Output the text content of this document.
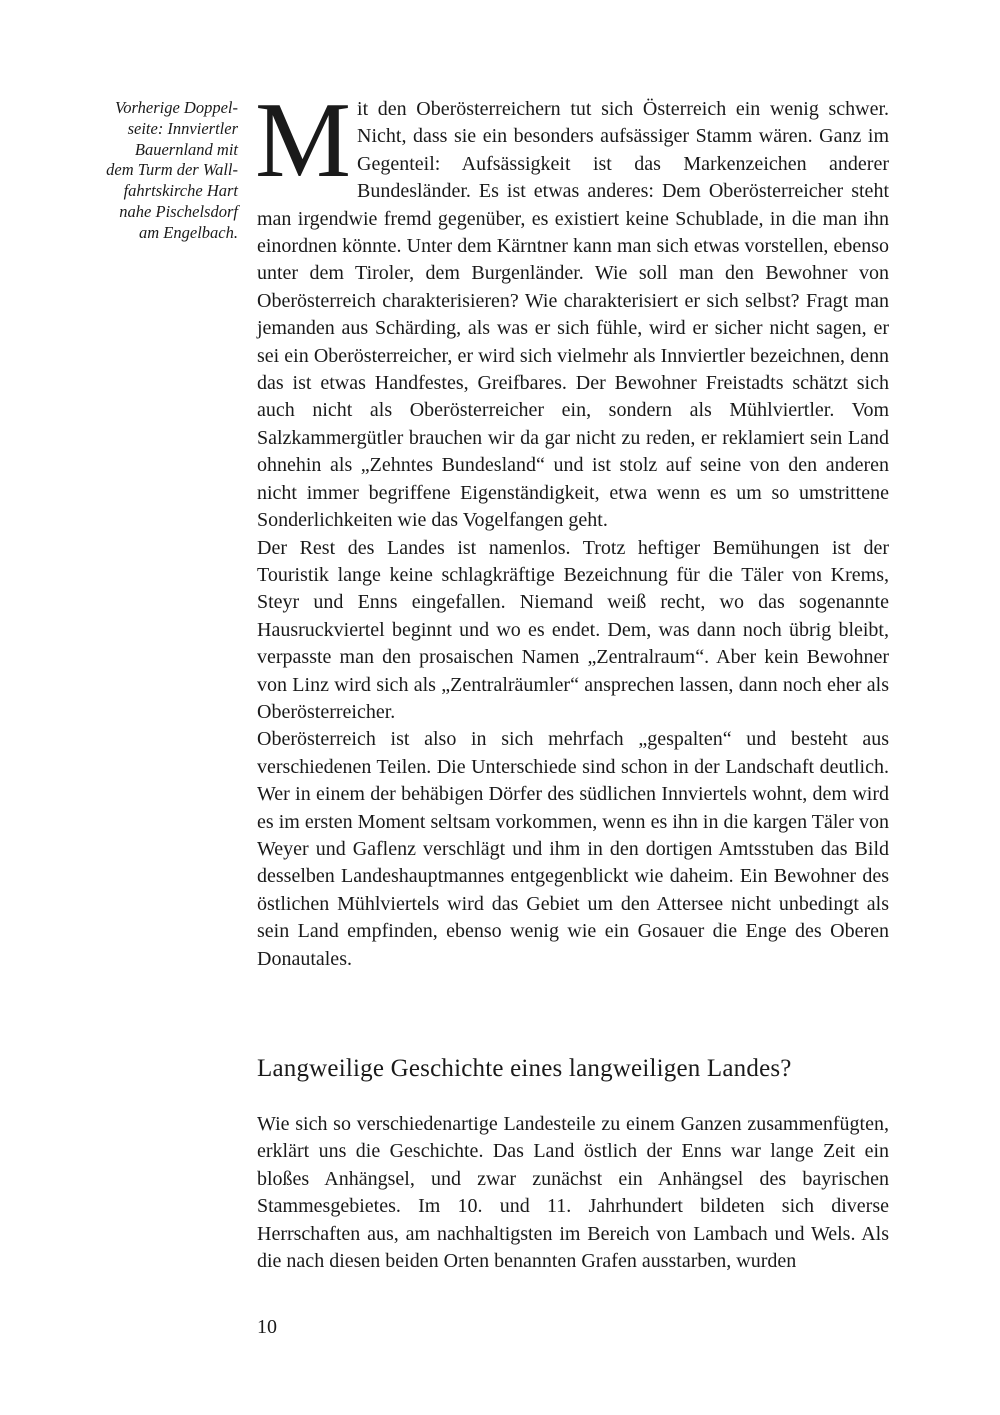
Vorherige Doppel-
seite: Innviertler
Bauernland mit
dem Turm der Wall-
fahrtskirche Hart
nahe Pischelsdorf
am Engelbach.

Mit den Oberösterreichern tut sich Österreich ein wenig schwer. Nicht, dass sie ein besonders aufsässiger Stamm wären. Ganz im Gegenteil: Aufsässigkeit ist das Markenzeichen anderer Bundesländer. Es ist etwas anderes: Dem Oberösterreicher steht man irgendwie fremd gegenüber, es existiert keine Schublade, in die man ihn einordnen könnte. Unter dem Kärntner kann man sich etwas vorstellen, ebenso unter dem Tiroler, dem Burgenländer. Wie soll man den Bewohner von Oberösterreich charakterisieren? Wie charakterisiert er sich selbst? Fragt man jemanden aus Schärding, als was er sich fühle, wird er sicher nicht sagen, er sei ein Oberösterreicher, er wird sich vielmehr als Innviertler bezeichnen, denn das ist etwas Handfestes, Greifbares. Der Bewohner Freistadts schätzt sich auch nicht als Oberösterreicher ein, sondern als Mühlviertler. Vom Salzkammergütler brauchen wir da gar nicht zu reden, er reklamiert sein Land ohnehin als „Zehntes Bundesland“ und ist stolz auf seine von den anderen nicht immer begriffene Eigenständigkeit, etwa wenn es um so umstrittene Sonderlichkeiten wie das Vogelfangen geht.

Der Rest des Landes ist namenlos. Trotz heftiger Bemühungen ist der Touristik lange keine schlagkräftige Bezeichnung für die Täler von Krems, Steyr und Enns eingefallen. Niemand weiß recht, wo das sogenannte Hausruckviertel beginnt und wo es endet. Dem, was dann noch übrig bleibt, verpasste man den prosaischen Namen „Zentralraum“. Aber kein Bewohner von Linz wird sich als „Zentralräumler“ ansprechen lassen, dann noch eher als Oberösterreicher.

Oberösterreich ist also in sich mehrfach „gespalten“ und besteht aus verschiedenen Teilen. Die Unterschiede sind schon in der Landschaft deutlich. Wer in einem der behäbigen Dörfer des südlichen Innviertels wohnt, dem wird es im ersten Moment seltsam vorkommen, wenn es ihn in die kargen Täler von Weyer und Gaflenz verschlägt und ihm in den dortigen Amtsstuben das Bild desselben Landeshauptmannes entgegenblickt wie daheim. Ein Bewohner des östlichen Mühlviertels wird das Gebiet um den Attersee nicht unbedingt als sein Land empfinden, ebenso wenig wie ein Gosauer die Enge des Oberen Donautales.

Langweilige Geschichte eines langweiligen Landes?

Wie sich so verschiedenartige Landesteile zu einem Ganzen zusammenfügten, erklärt uns die Geschichte. Das Land östlich der Enns war lange Zeit ein bloßes Anhängsel, und zwar zunächst ein Anhängsel des bayrischen Stammesgebietes. Im 10. und 11. Jahrhundert bildeten sich diverse Herrschaften aus, am nachhaltigsten im Bereich von Lambach und Wels. Als die nach diesen beiden Orten benannten Grafen ausstarben, wurden

10
